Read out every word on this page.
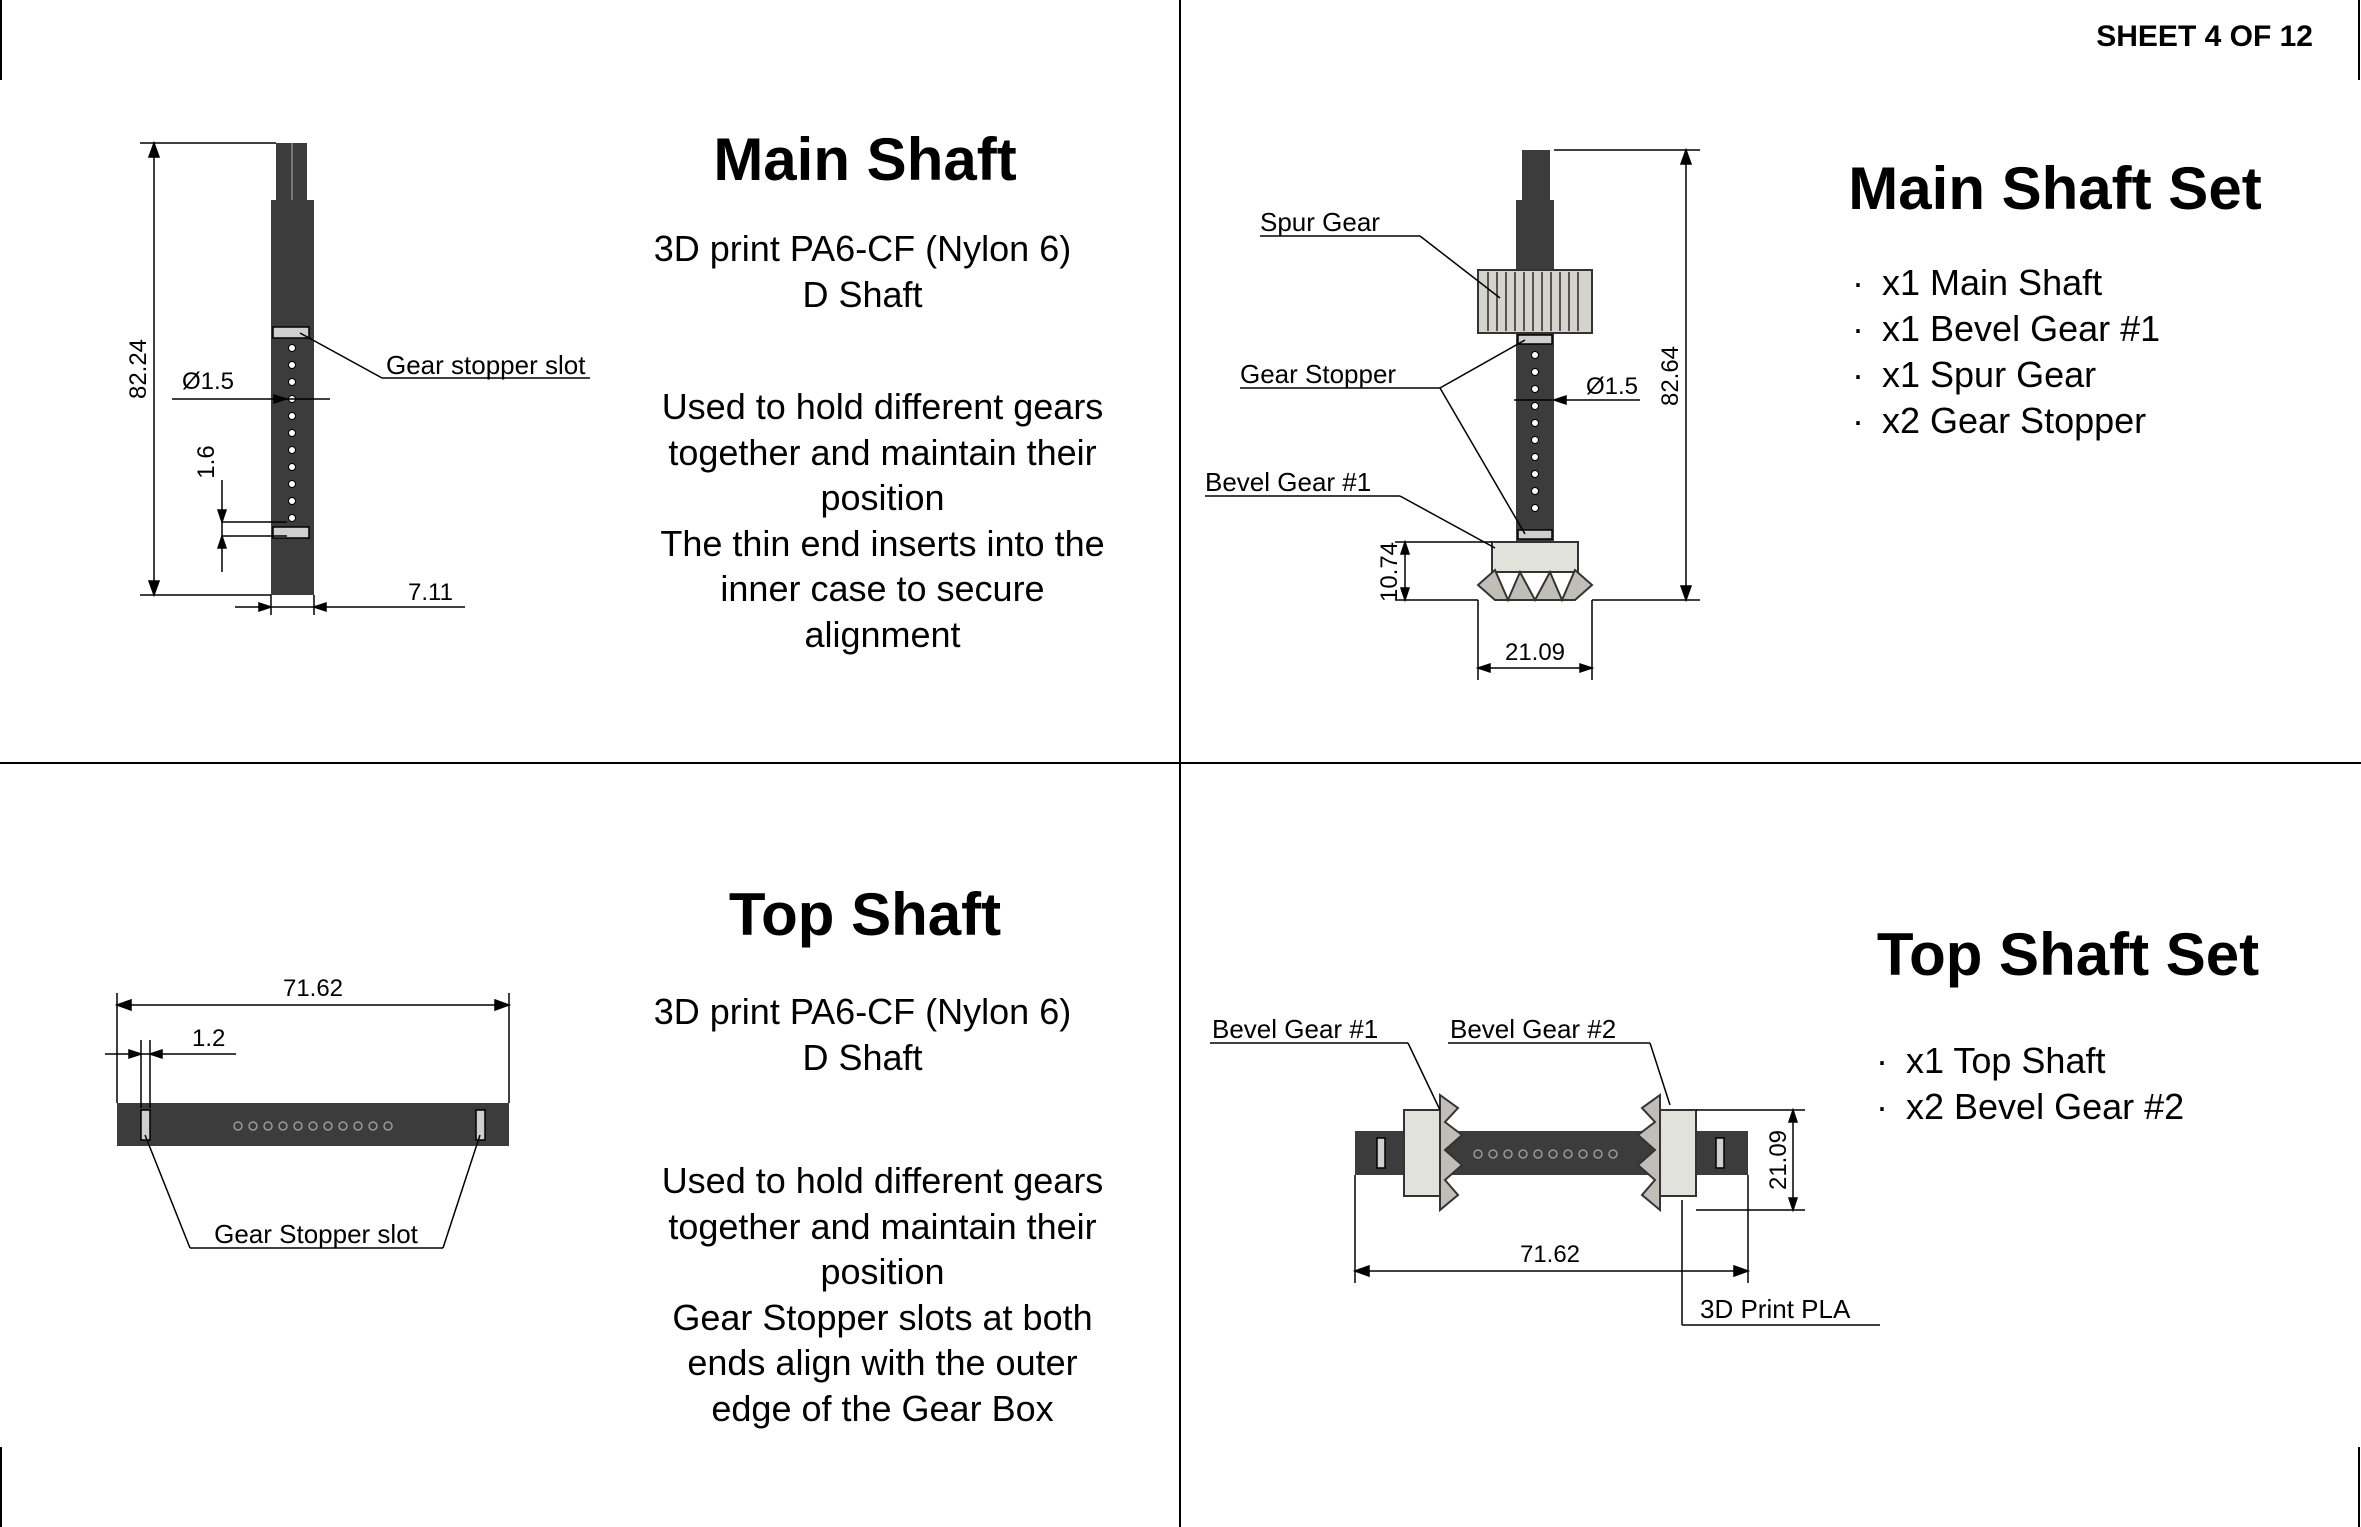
82.24 Ø1.5
1.6
7.11
Gear stopper slot
Spur Gear
Gear Stopper
Bevel Gear #1
82.64
Ø1.5
10.74
21.09
71.62
1.2
Gear Stopper slot
Bevel Gear #1	Bevel Gear #2
21.09
71.62
3D Print PLA
SHEET 4 OF 12
Main Shaft
3D print PA6-CF (Nylon 6)
D Shaft
Used to hold different gears
together and maintain their
position
The thin end inserts into the
inner case to secure
alignment
Main Shaft Set
· x1 Main Shaft
· x1 Bevel Gear #1
· x1 Spur Gear
· x2 Gear Stopper
Top Shaft
3D print PA6-CF (Nylon 6)
D Shaft
Used to hold different gears
together and maintain their
position
Gear Stopper slots at both
ends align with the outer
edge of the Gear Box
Top Shaft Set
· x1 Top Shaft
· x2 Bevel Gear #2
